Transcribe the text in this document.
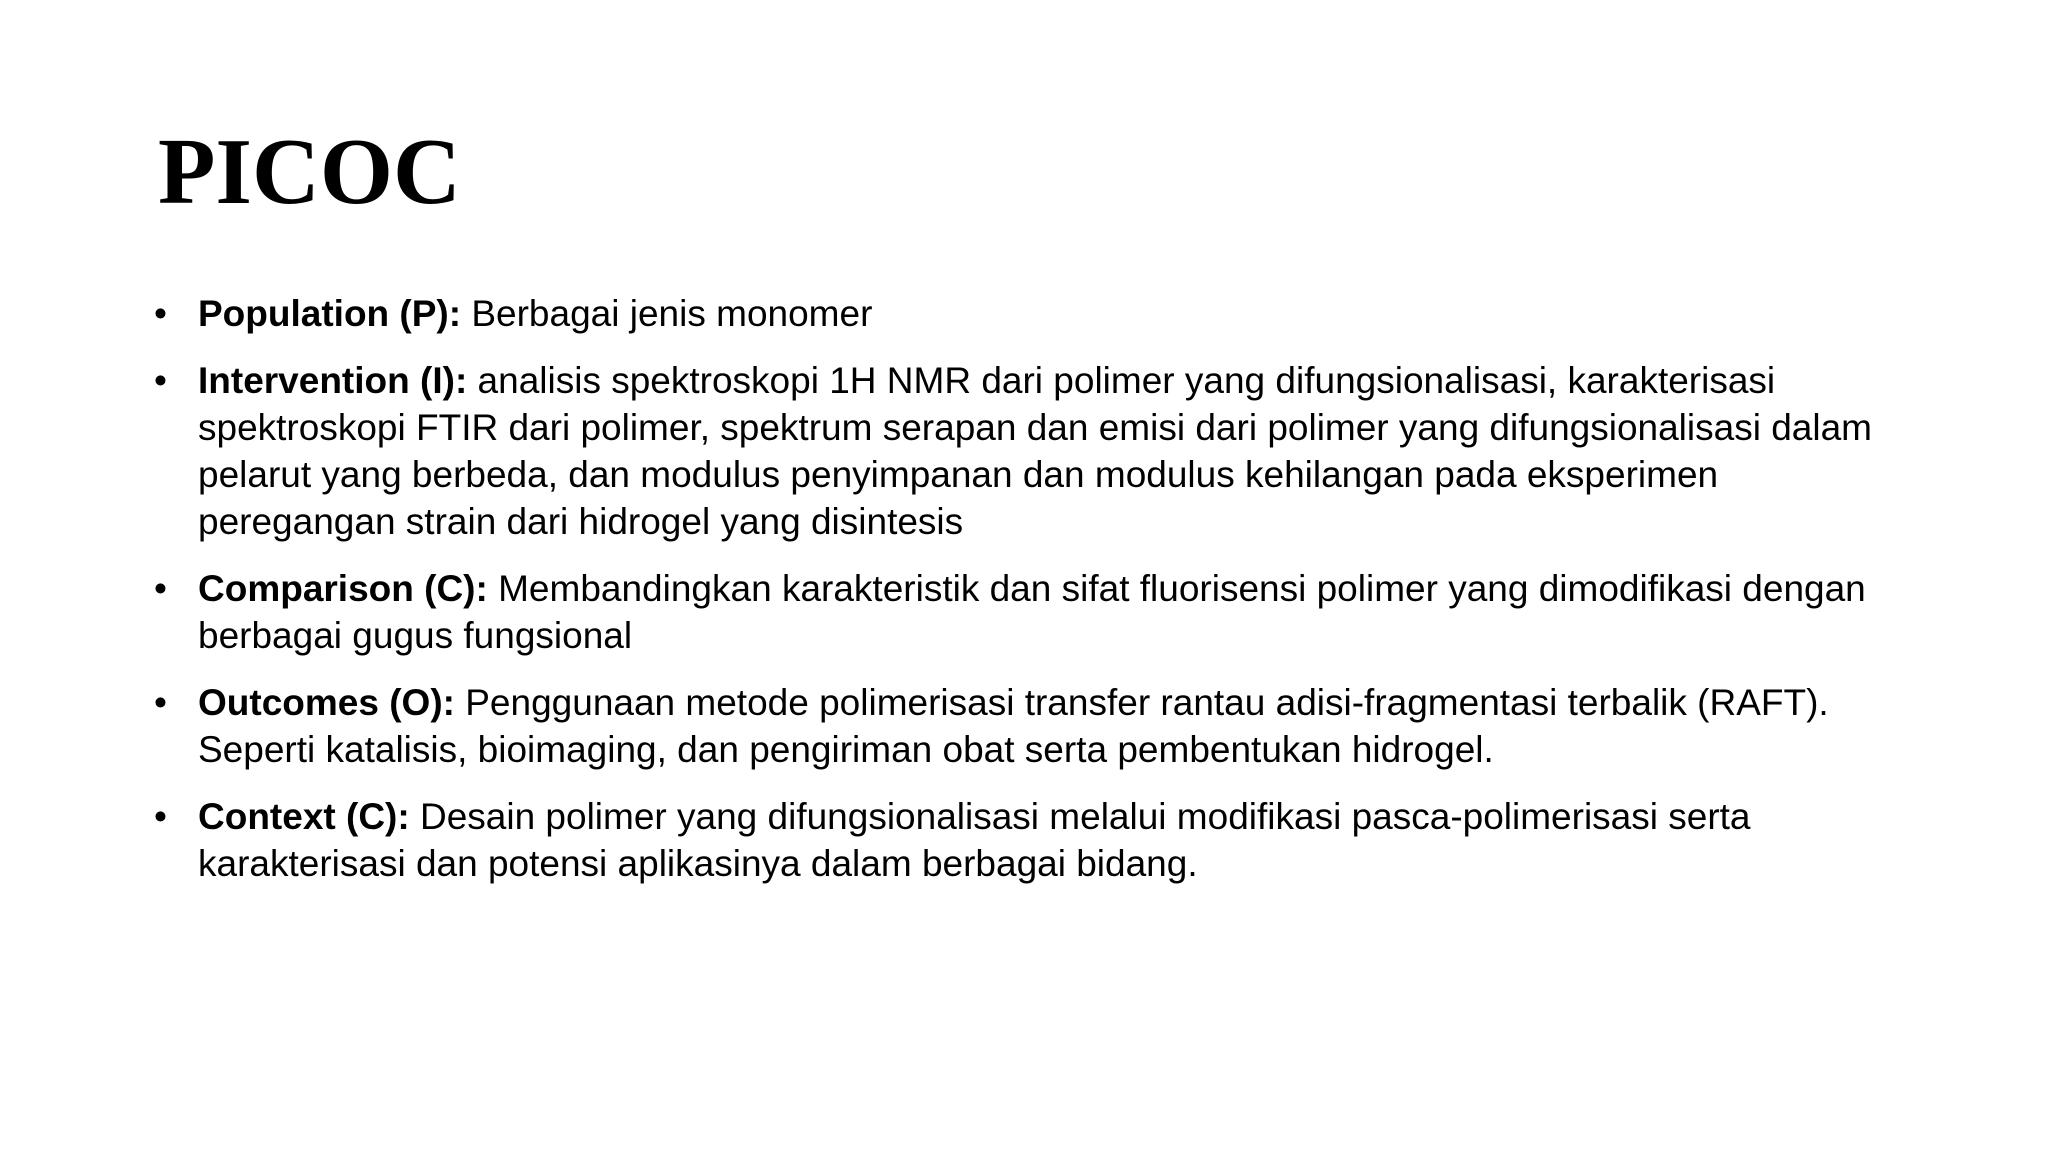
PICOC
• Population (P): Berbagai jenis monomer
• Intervention (I): analisis spektroskopi 1H NMR dari polimer yang difungsionalisasi, karakterisasi spektroskopi FTIR dari polimer, spektrum serapan dan emisi dari polimer yang difungsionalisasi dalam pelarut yang berbeda, dan modulus penyimpanan dan modulus kehilangan pada eksperimen peregangan strain dari hidrogel yang disintesis
• Comparison (C): Membandingkan karakteristik dan sifat fluorisensi polimer yang dimodifikasi dengan berbagai gugus fungsional
• Outcomes (O): Penggunaan metode polimerisasi transfer rantau adisi-fragmentasi terbalik (RAFT). Seperti katalisis, bioimaging, dan pengiriman obat serta pembentukan hidrogel.
• Context (C): Desain polimer yang difungsionalisasi melalui modifikasi pasca-polimerisasi serta karakterisasi dan potensi aplikasinya dalam berbagai bidang.
